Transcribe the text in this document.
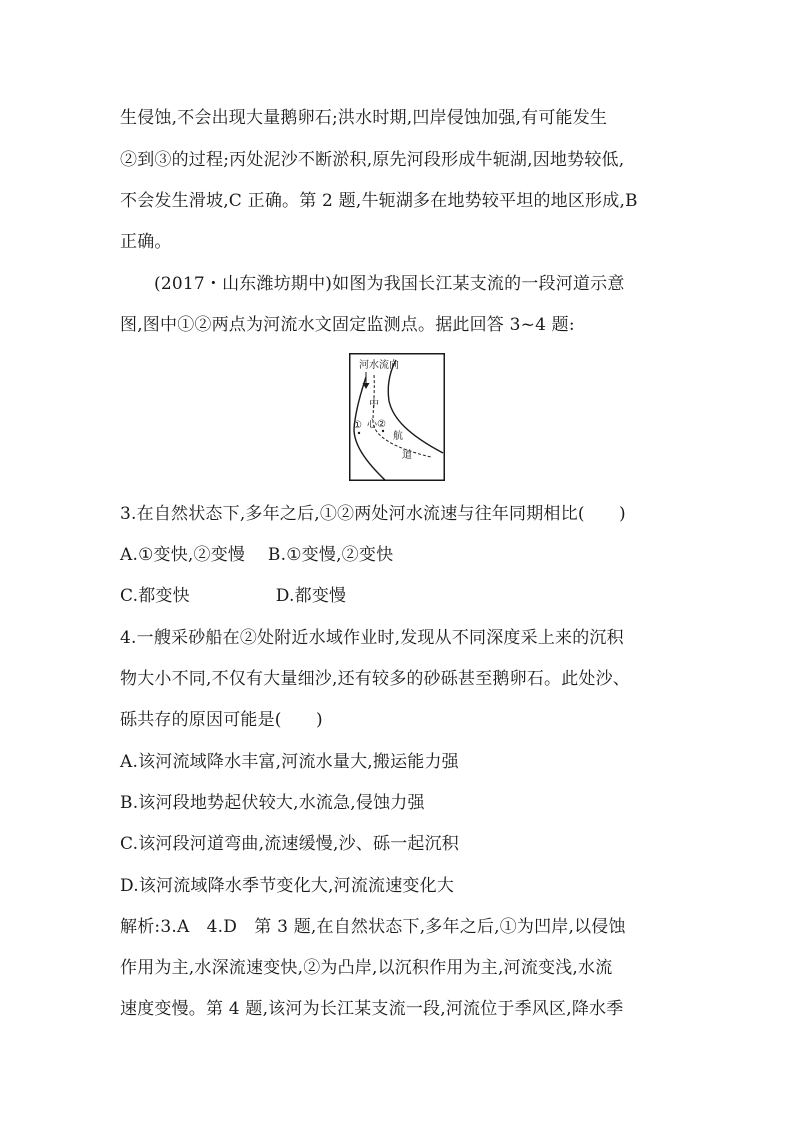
生侵蚀,不会出现大量鹅卵石;洪水时期,凹岸侵蚀加强,有可能发生
②到③的过程;丙处泥沙不断淤积,原先河段形成牛轭湖,因地势较低,
不会发生滑坡,C 正确。第 2 题,牛轭湖多在地势较平坦的地区形成,B
正确。
(2017・山东潍坊期中)如图为我国长江某支流的一段河道示意
图,图中①②两点为河流水文固定监测点。据此回答 3~4 题:
河水流向
中
心
航
道
① ②
3.在自然状态下,多年之后,①②两处河水流速与往年同期相比(　　)
A.①变快,②变慢　 B.①变慢,②变快
C.都变快　　　　　D.都变慢
4.一艘采砂船在②处附近水域作业时,发现从不同深度采上来的沉积
物大小不同,不仅有大量细沙,还有较多的砂砾甚至鹅卵石。此处沙、
砾共存的原因可能是(　　)
A.该河流域降水丰富,河流水量大,搬运能力强
B.该河段地势起伏较大,水流急,侵蚀力强
C.该河段河道弯曲,流速缓慢,沙、砾一起沉积
D.该河流域降水季节变化大,河流流速变化大
解析:3.A　4.D　第 3 题,在自然状态下,多年之后,①为凹岸,以侵蚀
作用为主,水深流速变快,②为凸岸,以沉积作用为主,河流变浅,水流
速度变慢。第 4 题,该河为长江某支流一段,河流位于季风区,降水季
